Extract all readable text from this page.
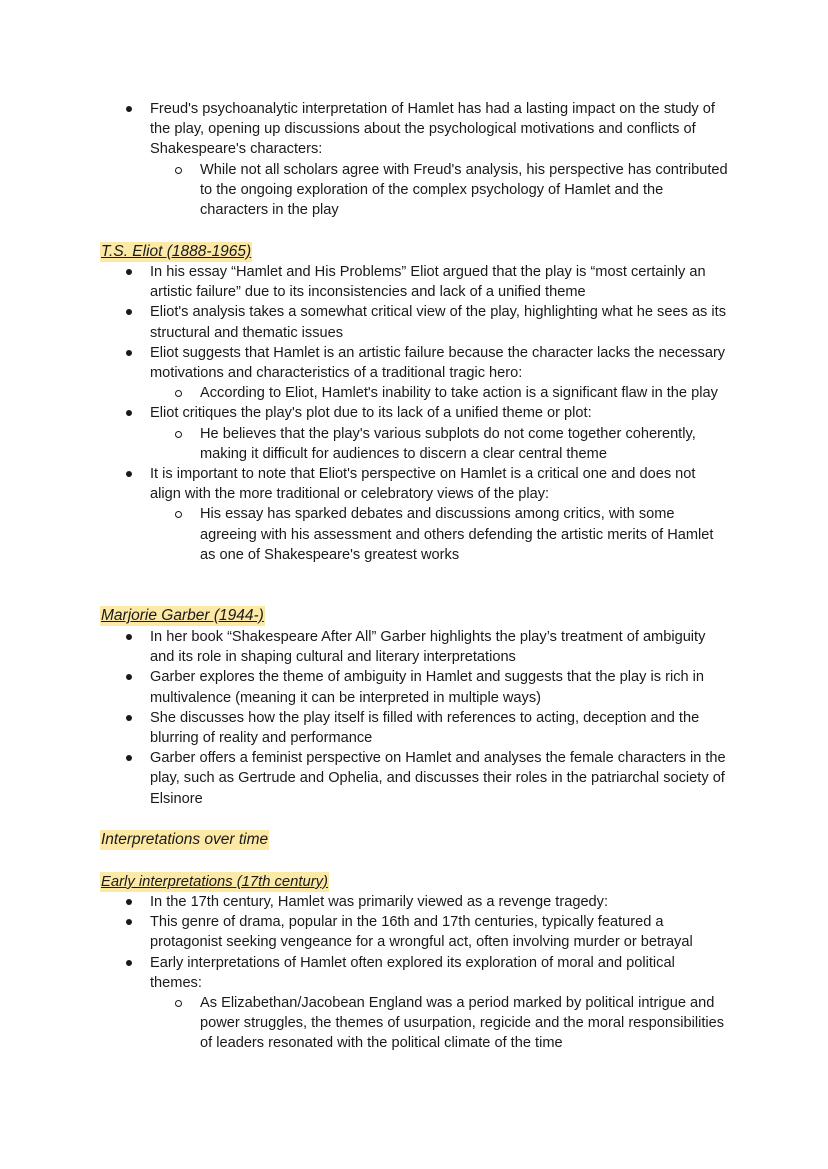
Freud's psychoanalytic interpretation of Hamlet has had a lasting impact on the study of the play, opening up discussions about the psychological motivations and conflicts of Shakespeare's characters:
While not all scholars agree with Freud's analysis, his perspective has contributed to the ongoing exploration of the complex psychology of Hamlet and the characters in the play
T.S. Eliot (1888-1965)
In his essay “Hamlet and His Problems” Eliot argued that the play is “most certainly an artistic failure” due to its inconsistencies and lack of a unified theme
Eliot's analysis takes a somewhat critical view of the play, highlighting what he sees as its structural and thematic issues
Eliot suggests that Hamlet is an artistic failure because the character lacks the necessary motivations and characteristics of a traditional tragic hero:
According to Eliot, Hamlet's inability to take action is a significant flaw in the play
Eliot critiques the play's plot due to its lack of a unified theme or plot:
He believes that the play's various subplots do not come together coherently, making it difficult for audiences to discern a clear central theme
It is important to note that Eliot's perspective on Hamlet is a critical one and does not align with the more traditional or celebratory views of the play:
His essay has sparked debates and discussions among critics, with some agreeing with his assessment and others defending the artistic merits of Hamlet as one of Shakespeare's greatest works
Marjorie Garber (1944-)
In her book “Shakespeare After All” Garber highlights the play’s treatment of ambiguity and its role in shaping cultural and literary interpretations
Garber explores the theme of ambiguity in Hamlet and suggests that the play is rich in multivalence (meaning it can be interpreted in multiple ways)
She discusses how the play itself is filled with references to acting, deception and the blurring of reality and performance
Garber offers a feminist perspective on Hamlet and analyses the female characters in the play, such as Gertrude and Ophelia, and discusses their roles in the patriarchal society of Elsinore
Interpretations over time
Early interpretations (17th century)
In the 17th century, Hamlet was primarily viewed as a revenge tragedy:
This genre of drama, popular in the 16th and 17th centuries, typically featured a protagonist seeking vengeance for a wrongful act, often involving murder or betrayal
Early interpretations of Hamlet often explored its exploration of moral and political themes:
As Elizabethan/Jacobean England was a period marked by political intrigue and power struggles, the themes of usurpation, regicide and the moral responsibilities of leaders resonated with the political climate of the time
